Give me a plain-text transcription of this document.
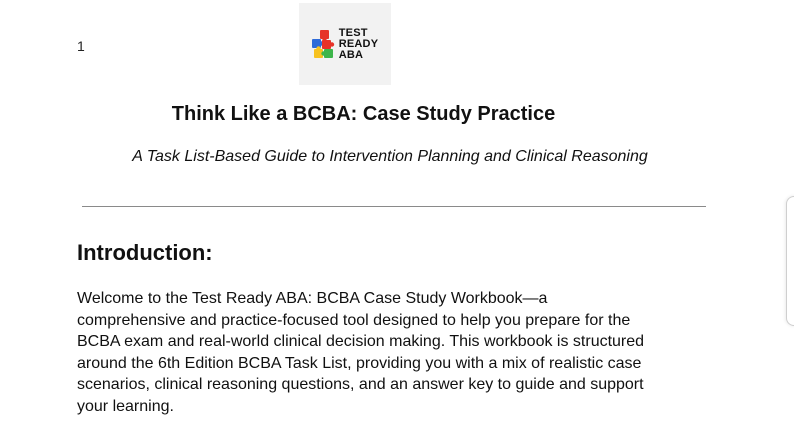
1
TEST
READY
ABA
Think Like a BCBA: Case Study Practice
A Task List-Based Guide to Intervention Planning and Clinical Reasoning
Introduction:
Welcome to the Test Ready ABA: BCBA Case Study Workbook—a
comprehensive and practice-focused tool designed to help you prepare for the
BCBA exam and real-world clinical decision making. This workbook is structured
around the 6th Edition BCBA Task List, providing you with a mix of realistic case
scenarios, clinical reasoning questions, and an answer key to guide and support
your learning.
